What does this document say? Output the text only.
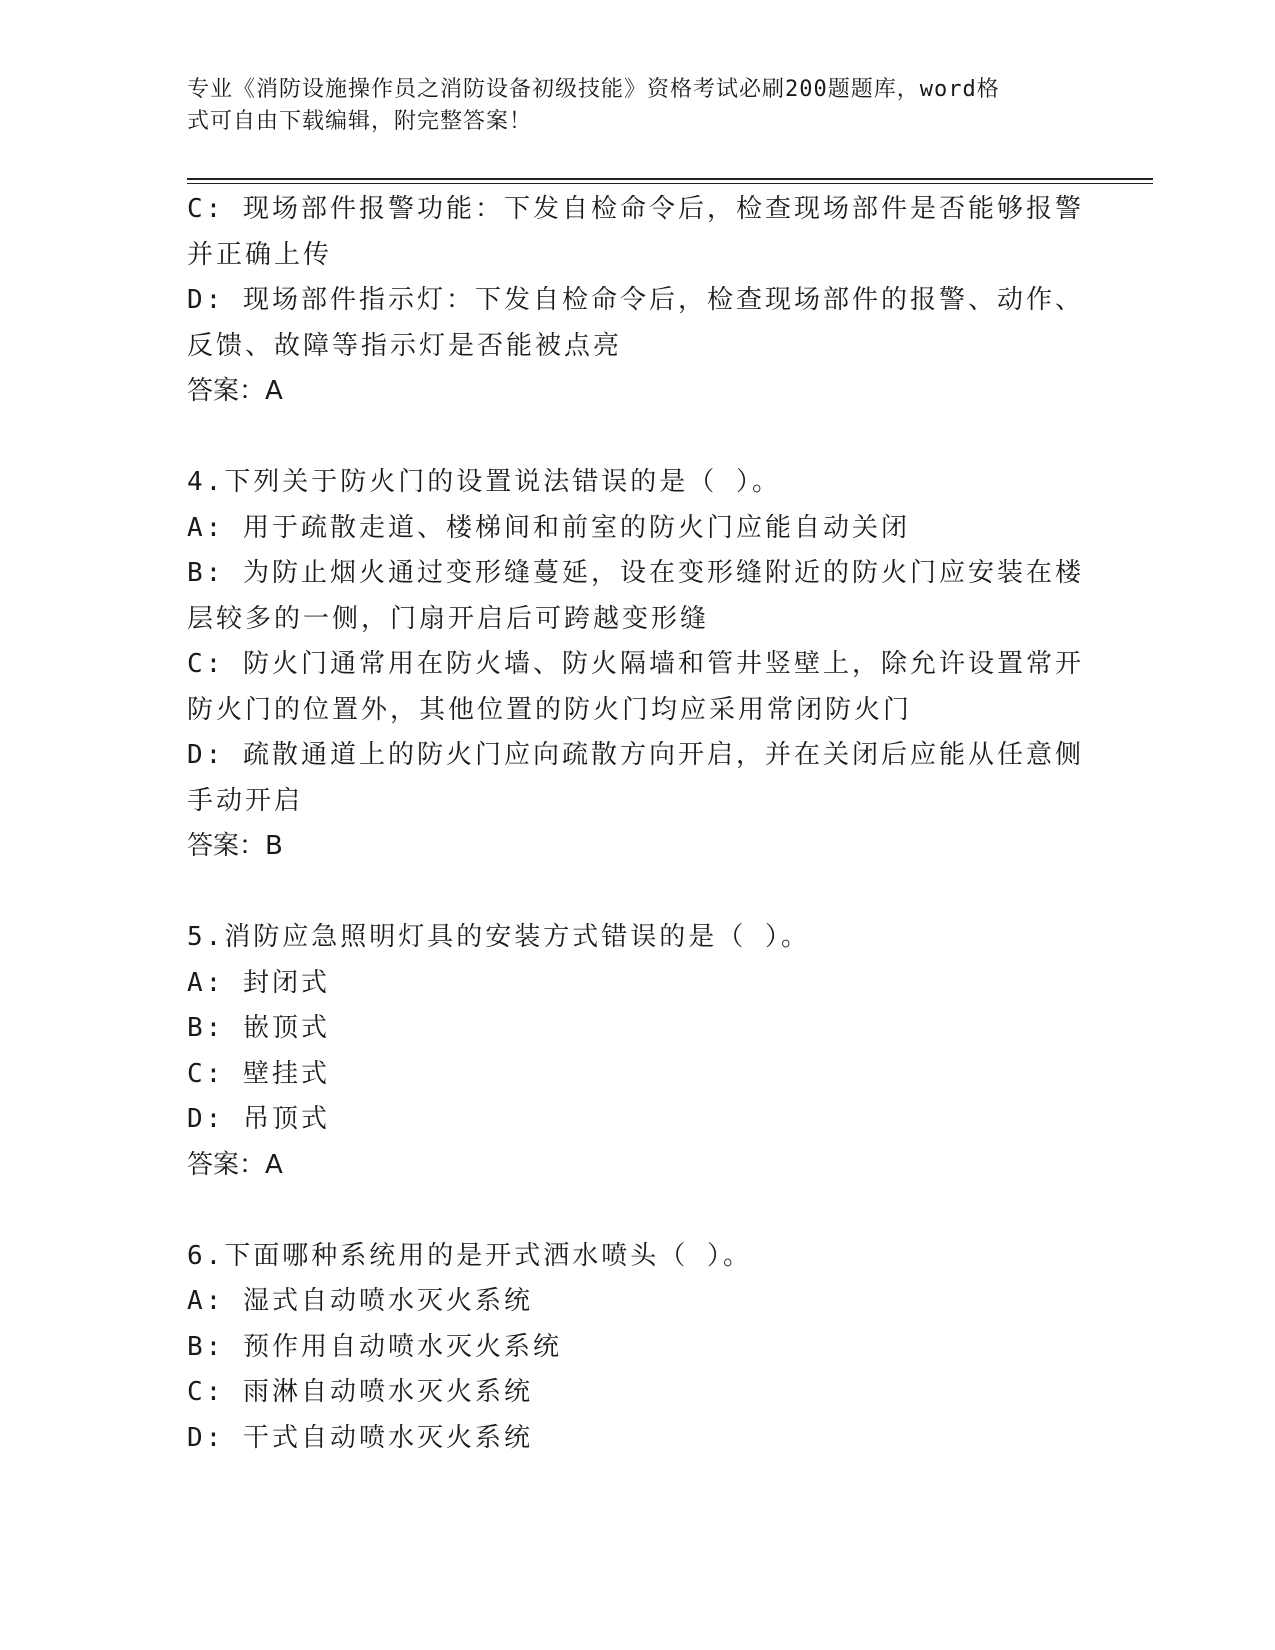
专业《消防设施操作员之消防设备初级技能》资格考试必刷200题题库，word格
式可自由下载编辑，附完整答案！
C: 现场部件报警功能：下发自检命令后，检查现场部件是否能够报警
并正确上传
D: 现场部件指示灯：下发自检命令后，检查现场部件的报警、动作、
反馈、故障等指示灯是否能被点亮
答案：A
4.下列关于防火门的设置说法错误的是（ ）。
A: 用于疏散走道、楼梯间和前室的防火门应能自动关闭
B: 为防止烟火通过变形缝蔓延，设在变形缝附近的防火门应安装在楼
层较多的一侧，门扇开启后可跨越变形缝
C: 防火门通常用在防火墙、防火隔墙和管井竖壁上，除允许设置常开
防火门的位置外，其他位置的防火门均应采用常闭防火门
D: 疏散通道上的防火门应向疏散方向开启，并在关闭后应能从任意侧
手动开启
答案：B
5.消防应急照明灯具的安装方式错误的是（ ）。
A: 封闭式
B: 嵌顶式
C: 壁挂式
D: 吊顶式
答案：A
6.下面哪种系统用的是开式洒水喷头（ ）。
A: 湿式自动喷水灭火系统
B: 预作用自动喷水灭火系统
C: 雨淋自动喷水灭火系统
D: 干式自动喷水灭火系统
